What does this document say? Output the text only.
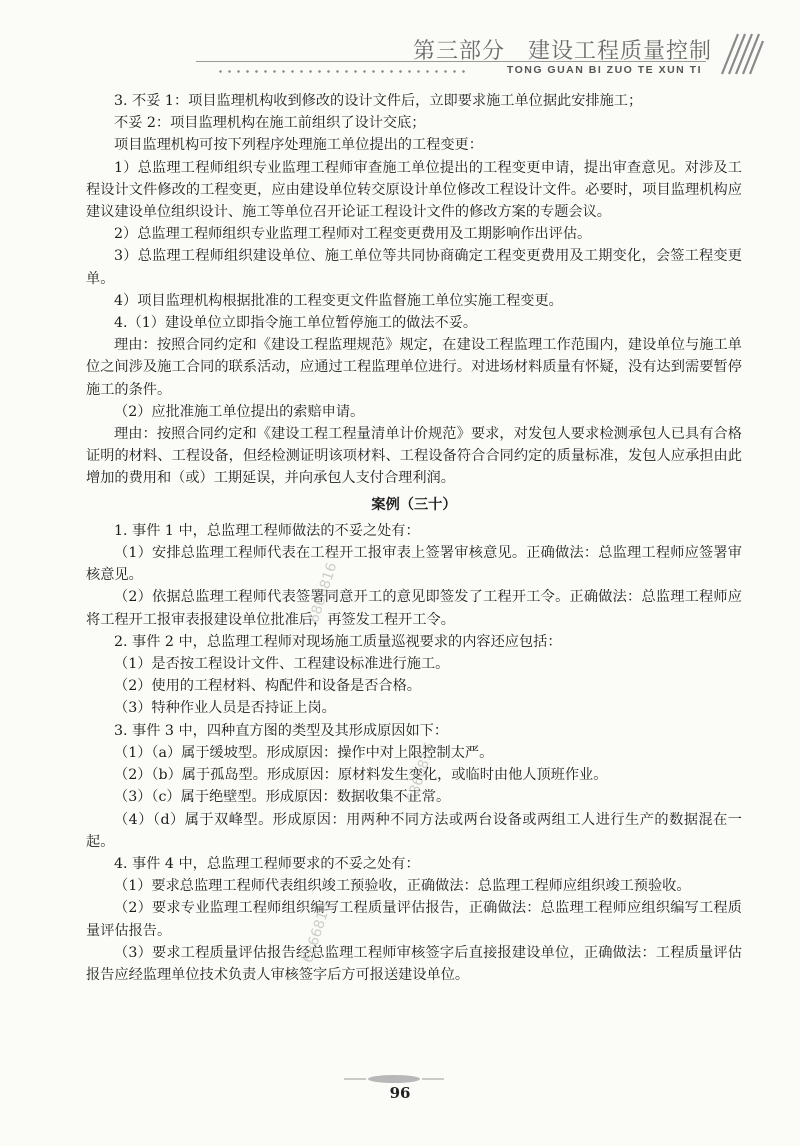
第三部分　建设工程质量控制
TONG GUAN BI ZUO TE XUN TI

3. 不妥 1：项目监理机构收到修改的设计文件后，立即要求施工单位据此安排施工；

不妥 2：项目监理机构在施工前组织了设计交底；

项目监理机构可按下列程序处理施工单位提出的工程变更：

1）总监理工程师组织专业监理工程师审查施工单位提出的工程变更申请，提出审查意见。对涉及工程设计文件修改的工程变更，应由建设单位转交原设计单位修改工程设计文件。必要时，项目监理机构应建议建设单位组织设计、施工等单位召开论证工程设计文件的修改方案的专题会议。

2）总监理工程师组织专业监理工程师对工程变更费用及工期影响作出评估。

3）总监理工程师组织建设单位、施工单位等共同协商确定工程变更费用及工期变化，会签工程变更单。

4）项目监理机构根据批准的工程变更文件监督施工单位实施工程变更。

4.（1）建设单位立即指令施工单位暂停施工的做法不妥。

理由：按照合同约定和《建设工程监理规范》规定，在建设工程监理工作范围内，建设单位与施工单位之间涉及施工合同的联系活动，应通过工程监理单位进行。对进场材料质量有怀疑，没有达到需要暂停施工的条件。

（2）应批准施工单位提出的索赔申请。

理由：按照合同约定和《建设工程工程量清单计价规范》要求，对发包人要求检测承包人已具有合格证明的材料、工程设备，但经检测证明该项材料、工程设备符合合同约定的质量标准，发包人应承担由此增加的费用和（或）工期延误，并向承包人支付合理利润。

案例（三十）

1. 事件 1 中，总监理工程师做法的不妥之处有：

（1）安排总监理工程师代表在工程开工报审表上签署审核意见。正确做法：总监理工程师应签署审核意见。

（2）依据总监理工程师代表签署同意开工的意见即签发了工程开工令。正确做法：总监理工程师应将工程开工报审表报建设单位批准后，再签发工程开工令。

2. 事件 2 中，总监理工程师对现场施工质量巡视要求的内容还应包括：

（1）是否按工程设计文件、工程建设标准进行施工。

（2）使用的工程材料、构配件和设备是否合格。

（3）特种作业人员是否持证上岗。

3. 事件 3 中，四种直方图的类型及其形成原因如下：

（1）（a）属于缓坡型。形成原因：操作中对上限控制太严。

（2）（b）属于孤岛型。形成原因：原材料发生变化，或临时由他人顶班作业。

（3）（c）属于绝壁型。形成原因：数据收集不正常。

（4）（d）属于双峰型。形成原因：用两种不同方法或两台设备或两组工人进行生产的数据混在一起。

4. 事件 4 中，总监理工程师要求的不妥之处有：

（1）要求总监理工程师代表组织竣工预验收，正确做法：总监理工程师应组织竣工预验收。

（2）要求专业监理工程师组织编写工程质量评估报告，正确做法：总监理工程师应组织编写工程质量评估报告。

（3）要求工程质量评估报告经总监理工程师审核签字后直接报建设单位，正确做法：工程质量评估报告应经监理单位技术负责人审核签字后方可报送建设单位。

6866816
6866816
6866816
96
